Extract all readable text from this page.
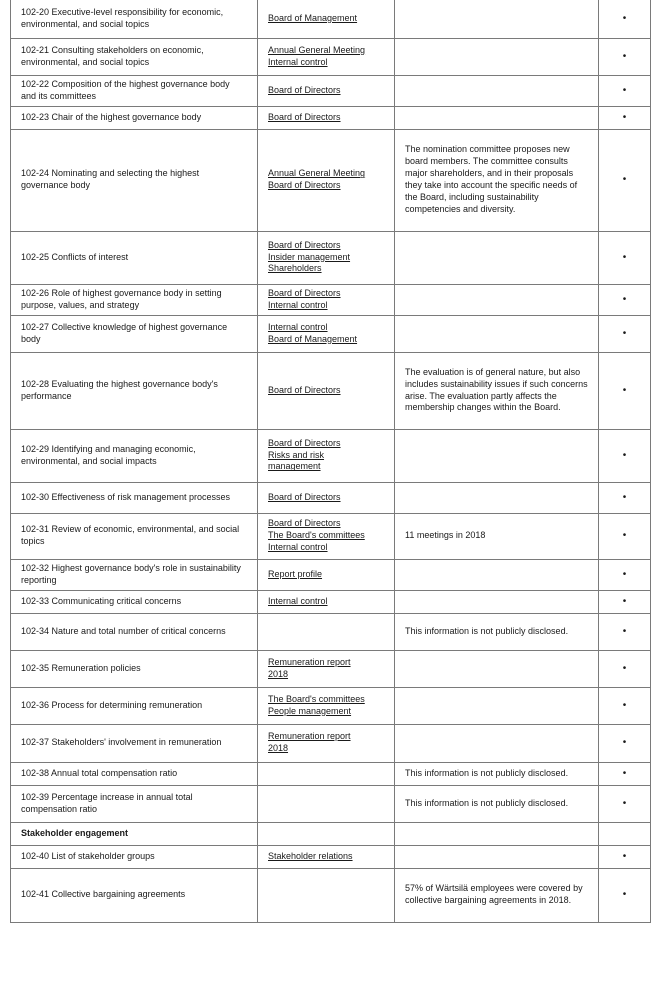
102-20 Executive-level responsibility for economic, environmental, and social topics	Board of Management		•
102-21 Consulting stakeholders on economic, environmental, and social topics	Annual General Meeting
Internal control		•
102-22 Composition of the highest governance body and its committees	Board of Directors		•
102-23 Chair of the highest governance body	Board of Directors		•
102-24 Nominating and selecting the highest governance body	Annual General Meeting
Board of Directors	The nomination committee proposes new board members. The committee consults major shareholders, and in their proposals they take into account the specific needs of the Board, including sustainability competencies and diversity.	•
102-25 Conflicts of interest	Board of Directors
Insider management
Shareholders		•
102-26 Role of highest governance body in setting purpose, values, and strategy	Board of Directors
Internal control		•
102-27 Collective knowledge of highest governance body	Internal control
Board of Management		•
102-28 Evaluating the highest governance body's performance	Board of Directors	The evaluation is of general nature, but also includes sustainability issues if such concerns arise. The evaluation partly affects the membership changes within the Board.	•
102-29 Identifying and managing economic, environmental, and social impacts	Board of Directors
Risks and risk
management		•
102-30 Effectiveness of risk management processes	Board of Directors		•
102-31 Review of economic, environmental, and social topics	Board of Directors
The Board's committees
Internal control	11 meetings in 2018	•
102-32 Highest governance body's role in sustainability reporting	Report profile		•
102-33 Communicating critical concerns	Internal control		•
102-34 Nature and total number of critical concerns		This information is not publicly disclosed.	•
102-35 Remuneration policies	Remuneration report
2018		•
102-36 Process for determining remuneration	The Board's committees
People management		•
102-37 Stakeholders' involvement in remuneration	Remuneration report
2018		•
102-38 Annual total compensation ratio		This information is not publicly disclosed.	•
102-39 Percentage increase in annual total compensation ratio		This information is not publicly disclosed.	•
Stakeholder engagement			
102-40 List of stakeholder groups	Stakeholder relations		•
102-41 Collective bargaining agreements		57% of Wärtsilä employees were covered by collective bargaining agreements in 2018.	•
